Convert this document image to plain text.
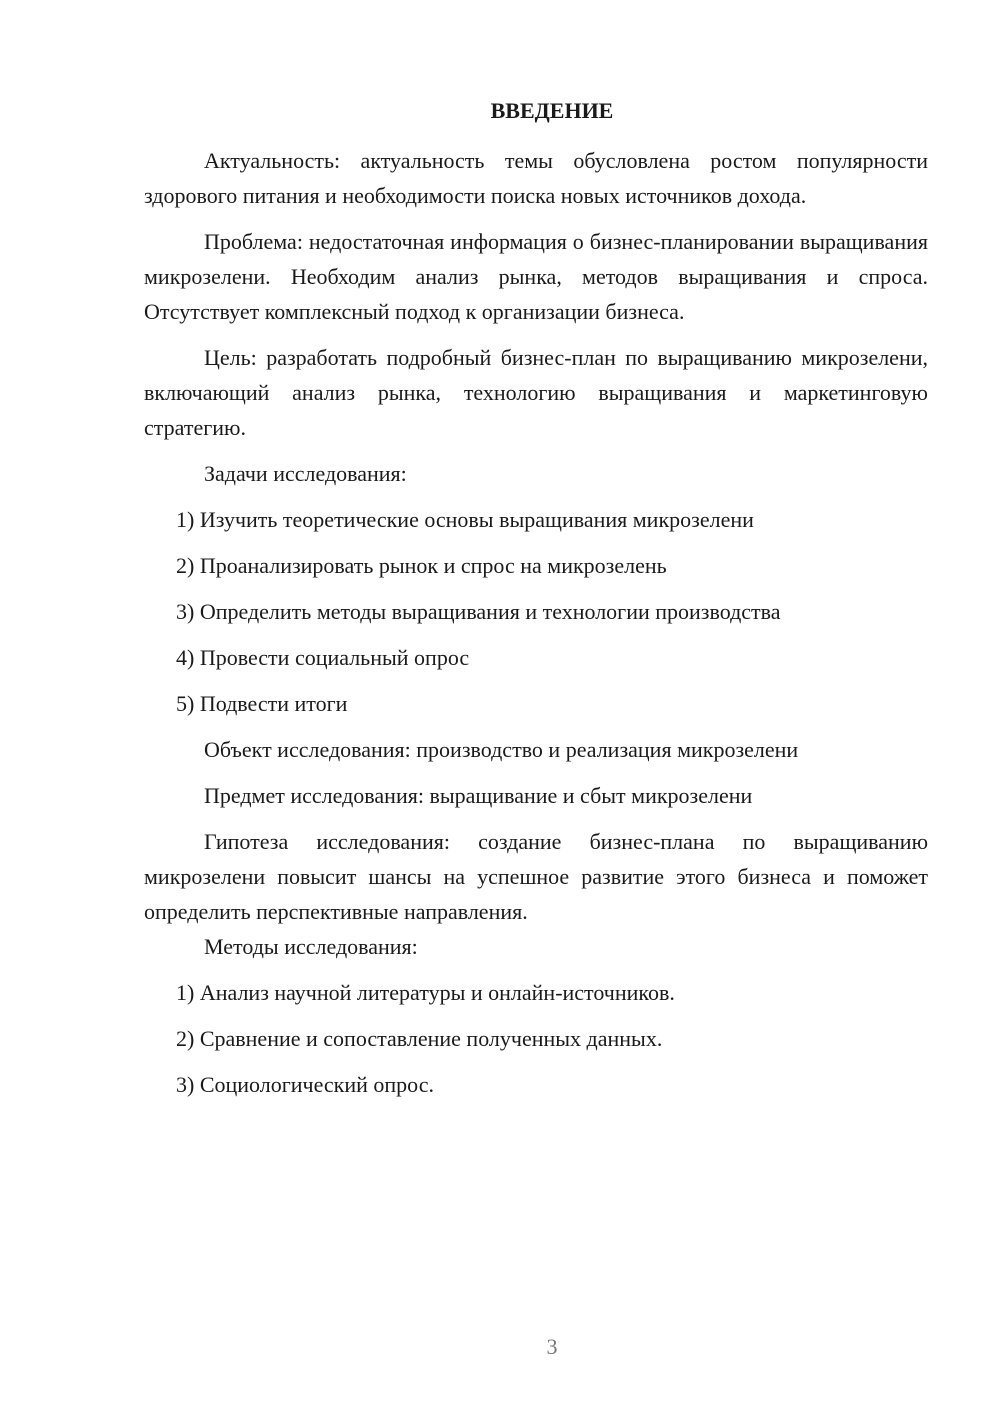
ВВЕДЕНИЕ

Актуальность: актуальность темы обусловлена ростом популярности здорового питания и необходимости поиска новых источников дохода.

Проблема: недостаточная информация о бизнес-планировании выращивания микрозелени. Необходим анализ рынка, методов выращивания и спроса. Отсутствует комплексный подход к организации бизнеса.

Цель: разработать подробный бизнес-план по выращиванию микрозелени, включающий анализ рынка, технологию выращивания и маркетинговую стратегию.

Задачи исследования:

1) Изучить теоретические основы выращивания микрозелени
2) Проанализировать рынок и спрос на микрозелень
3) Определить методы выращивания и технологии производства
4) Провести социальный опрос
5) Подвести итоги

Объект исследования: производство и реализация микрозелени

Предмет исследования: выращивание и сбыт микрозелени

Гипотеза исследования: создание бизнес-плана по выращиванию микрозелени повысит шансы на успешное развитие этого бизнеса и поможет определить перспективные направления.

Методы исследования:

1) Анализ научной литературы и онлайн-источников.
2) Сравнение и сопоставление полученных данных.
3) Социологический опрос.
3
